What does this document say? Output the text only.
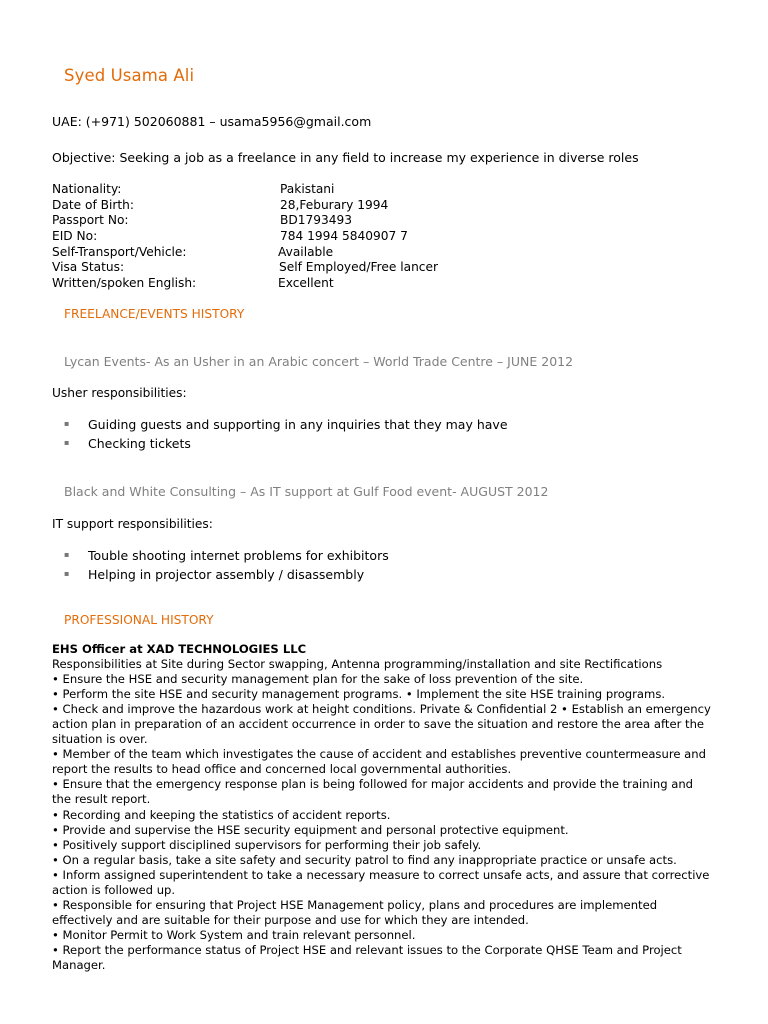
Syed Usama Ali
UAE: (+971) 502060881 – usama5956@gmail.com
Objective: Seeking a job as a freelance in any field to increase my experience in diverse roles
Nationality:	Pakistani
Date of Birth:	28,Feburary 1994
Passport No:	BD1793493
EID No:	784 1994 5840907 7
Self-Transport/Vehicle:	Available
Visa Status:	Self Employed/Free lancer
Written/spoken English:	Excellent
FREELANCE/EVENTS HISTORY
Lycan Events- As an Usher in an Arabic concert – World Trade Centre – JUNE 2012
Usher responsibilities:
▪ Guiding guests and supporting in any inquiries that they may have
▪ Checking tickets
Black and White Consulting – As IT support at Gulf Food event- AUGUST 2012
IT support responsibilities:
▪ Touble shooting internet problems for exhibitors
▪ Helping in projector assembly / disassembly
PROFESSIONAL HISTORY

EHS Officer at XAD TECHNOLOGIES LLC

Responsibilities at Site during Sector swapping, Antenna programming/installation and site Rectifications

• Ensure the HSE and security management plan for the sake of loss prevention of the site.

• Perform the site HSE and security management programs. • Implement the site HSE training programs.

• Check and improve the hazardous work at height conditions. Private & Confidential 2 • Establish an emergency action plan in preparation of an accident occurrence in order to save the situation and restore the area after the situation is over.

• Member of the team which investigates the cause of accident and establishes preventive countermeasure and report the results to head office and concerned local governmental authorities.

• Ensure that the emergency response plan is being followed for major accidents and provide the training and the result report.

• Recording and keeping the statistics of accident reports.

• Provide and supervise the HSE security equipment and personal protective equipment.

• Positively support disciplined supervisors for performing their job safely.

• On a regular basis, take a site safety and security patrol to find any inappropriate practice or unsafe acts.

• Inform assigned superintendent to take a necessary measure to correct unsafe acts, and assure that corrective action is followed up.

• Responsible for ensuring that Project HSE Management policy, plans and procedures are implemented effectively and are suitable for their purpose and use for which they are intended.

• Monitor Permit to Work System and train relevant personnel.

• Report the performance status of Project HSE and relevant issues to the Corporate QHSE Team and Project Manager.
